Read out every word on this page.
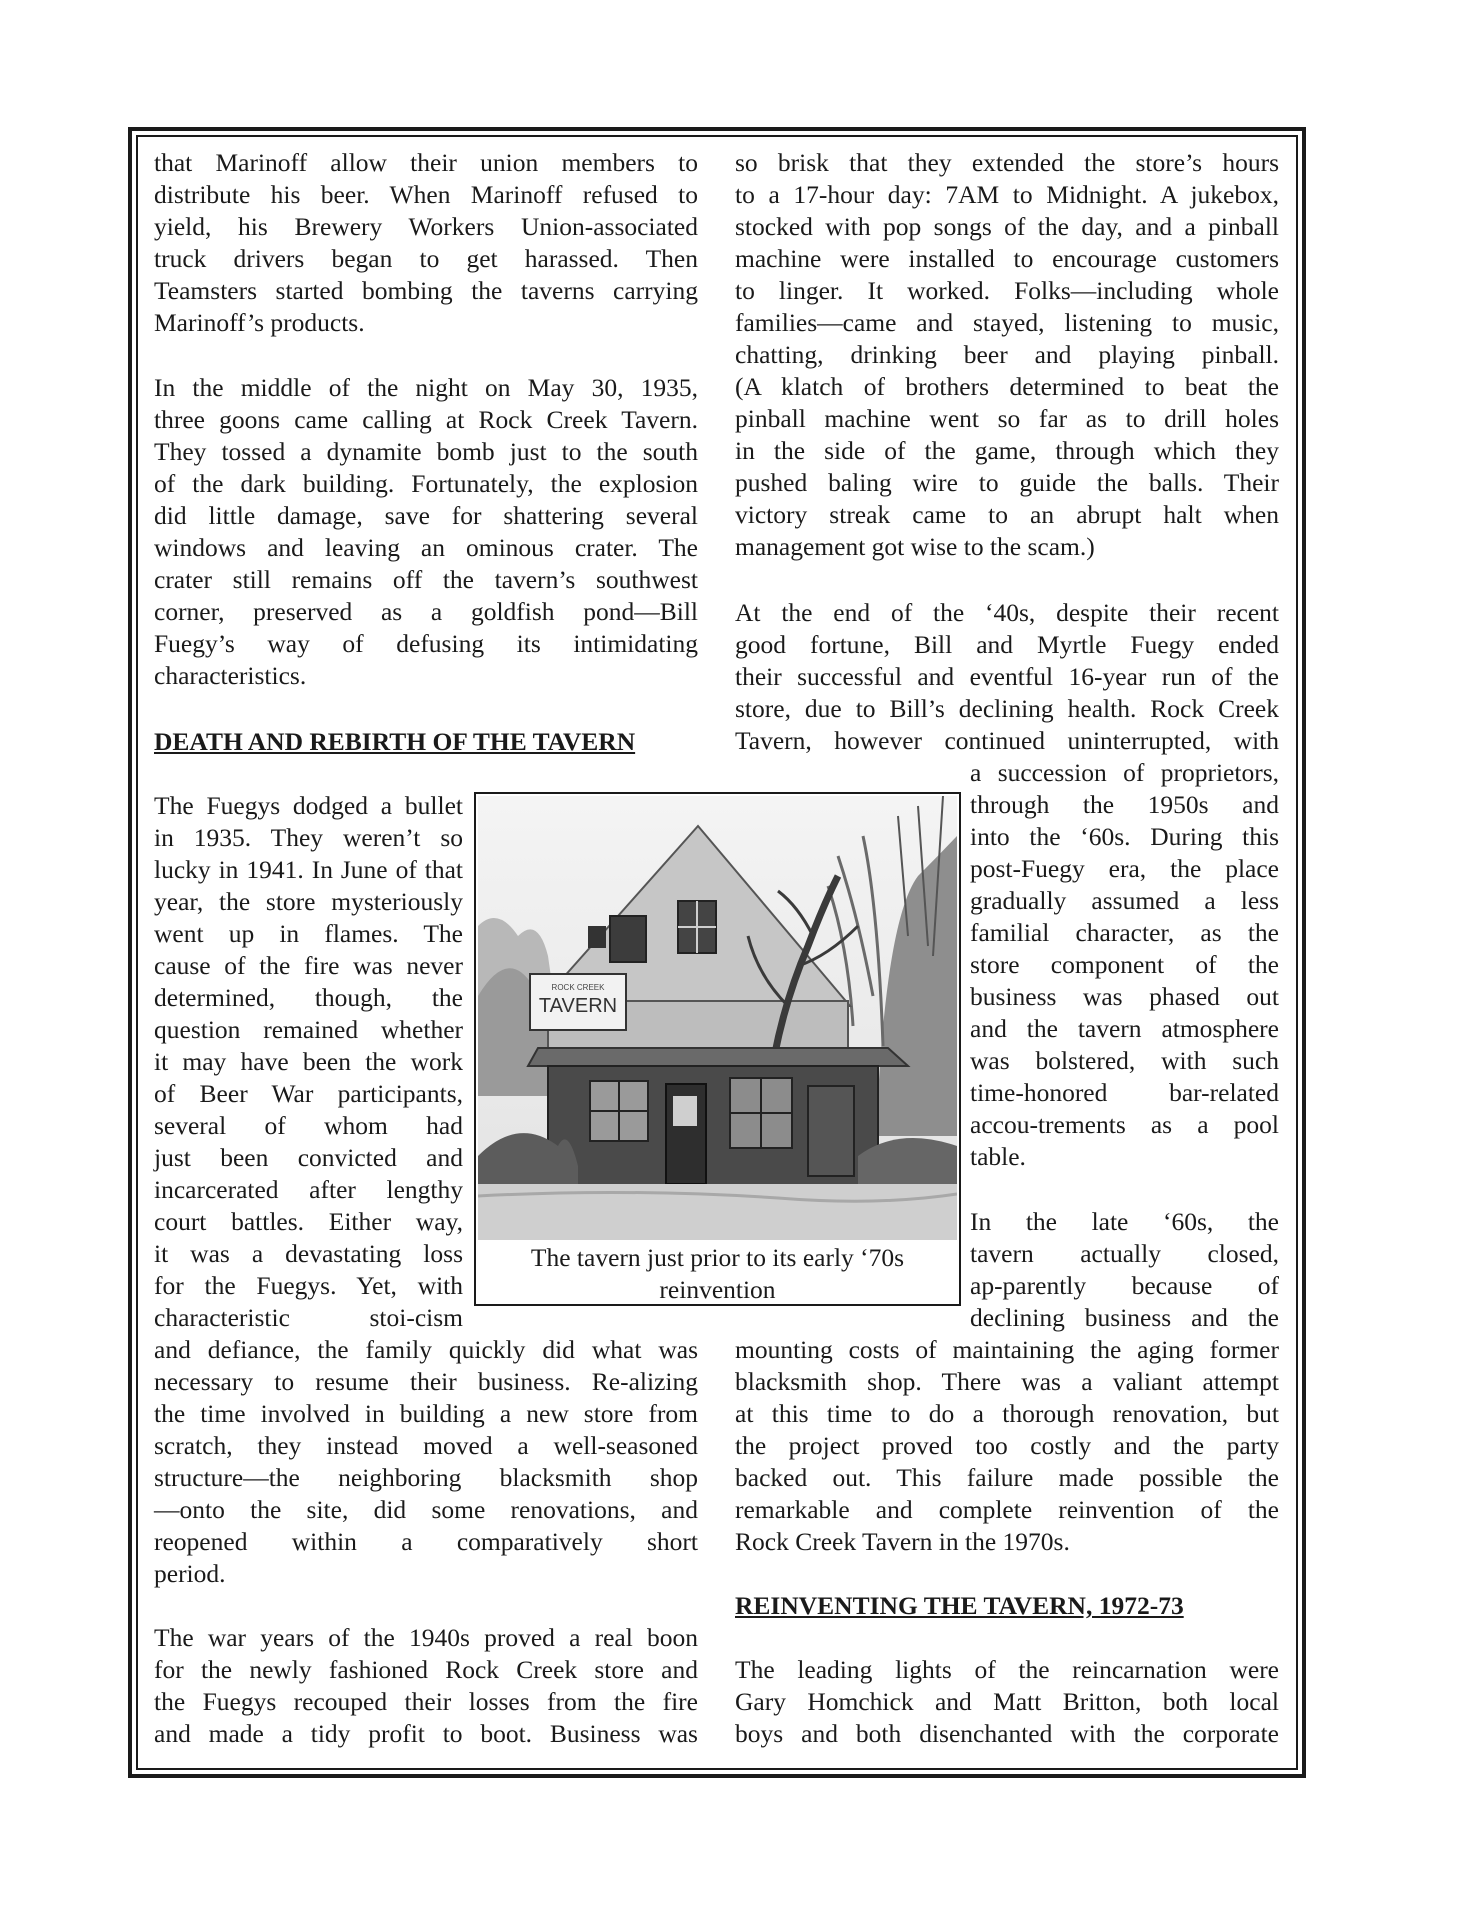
that Marinoff allow their union members to

distribute his beer. When Marinoff refused to

yield, his Brewery Workers Union-associated

truck drivers began to get harassed. Then

Teamsters started bombing the taverns carrying

Marinoff’s products.

In the middle of the night on May 30, 1935,

three goons came calling at Rock Creek Tavern.

They tossed a dynamite bomb just to the south

of the dark building. Fortunately, the explosion

did little damage, save for shattering several

windows and leaving an ominous crater. The

crater still remains off the tavern’s southwest

corner, preserved as a goldfish pond—Bill

Fuegy’s way of defusing its intimidating

characteristics.

DEATH AND REBIRTH OF THE TAVERN

The Fuegys dodged a bullet

in 1935. They weren’t so

lucky in 1941. In June of that

year, the store mysteriously

went up in flames. The

cause of the fire was never

determined, though, the

question remained whether

it may have been the work

of Beer War participants,

several of whom had

just been convicted and

incarcerated after lengthy

court battles. Either way,

it was a devastating loss

for the Fuegys. Yet, with

characteristic stoi-cism

and defiance, the family quickly did what was

necessary to resume their business. Re-alizing

the time involved in building a new store from

scratch, they instead moved a well-seasoned

structure—the neighboring blacksmith shop

—onto the site, did some renovations, and

reopened within a comparatively short

period.

The war years of the 1940s proved a real boon

for the newly fashioned Rock Creek store and

the Fuegys recouped their losses from the fire

and made a tidy profit to boot. Business was

so brisk that they extended the store’s hours

to a 17-hour day: 7AM to Midnight. A jukebox,

stocked with pop songs of the day, and a pinball

machine were installed to encourage customers

to linger. It worked. Folks—including whole

families—came and stayed, listening to music,

chatting, drinking beer and playing pinball.

(A klatch of brothers determined to beat the

pinball machine went so far as to drill holes

in the side of the game, through which they

pushed baling wire to guide the balls. Their

victory streak came to an abrupt halt when

management got wise to the scam.)

At the end of the ‘40s, despite their recent

good fortune, Bill and Myrtle Fuegy ended

their successful and eventful 16-year run of the

store, due to Bill’s declining health. Rock Creek

Tavern, however continued uninterrupted, with

a succession of proprietors,

through the 1950s and

into the ‘60s. During this

post-Fuegy era, the place

gradually assumed a less

familial character, as the

store component of the

business was phased out

and the tavern atmosphere

was bolstered, with such

time-honored bar-related

accou-trements as a pool

table.

In the late ‘60s, the

tavern actually closed,

ap-parently because of

declining business and the

mounting costs of maintaining the aging former

blacksmith shop. There was a valiant attempt

at this time to do a thorough renovation, but

the project proved too costly and the party

backed out. This failure made possible the

remarkable and complete reinvention of the

Rock Creek Tavern in the 1970s.

REINVENTING THE TAVERN, 1972-73

The leading lights of the reincarnation were

Gary Homchick and Matt Britton, both local

boys and both disenchanted with the corporate

ROCK CREEK
TAVERN
The tavern just prior to its early ‘70s
reinvention
